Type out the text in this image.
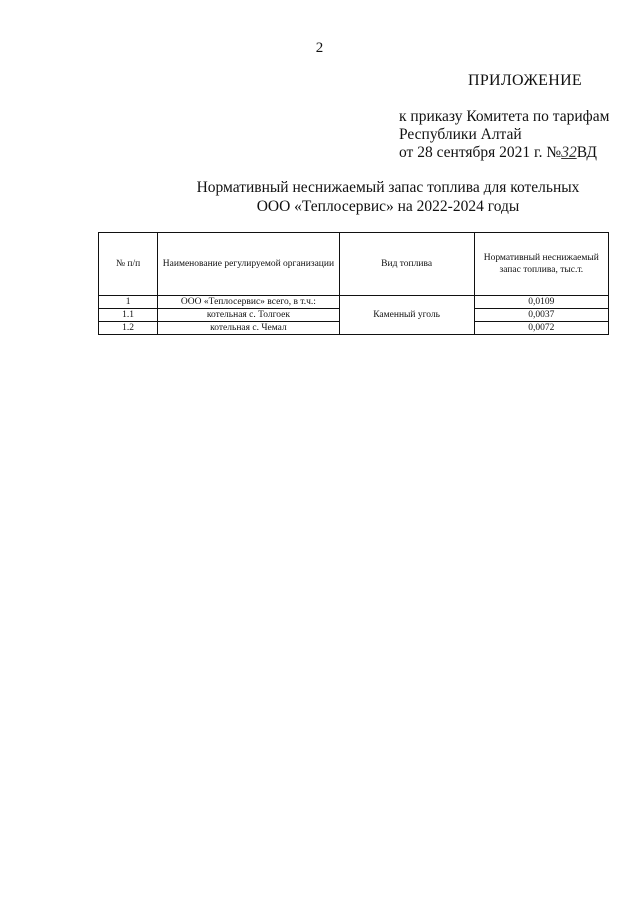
2
ПРИЛОЖЕНИЕ
к приказу Комитета по тарифам
Республики Алтай
от 28 сентября 2021 г. №32ВД
Нормативный неснижаемый запас топлива для котельных
ООО «Теплосервис» на 2022-2024 годы
№ п/п	Наименование регулируемой организации	Вид топлива	Нормативный неснижаемый запас топлива, тыс.т.
1	ООО «Теплосервис» всего, в т.ч.:	Каменный уголь	0,0109
1.1	котельная с. Толгоек		0,0037
1.2	котельная с. Чемал		0,0072
